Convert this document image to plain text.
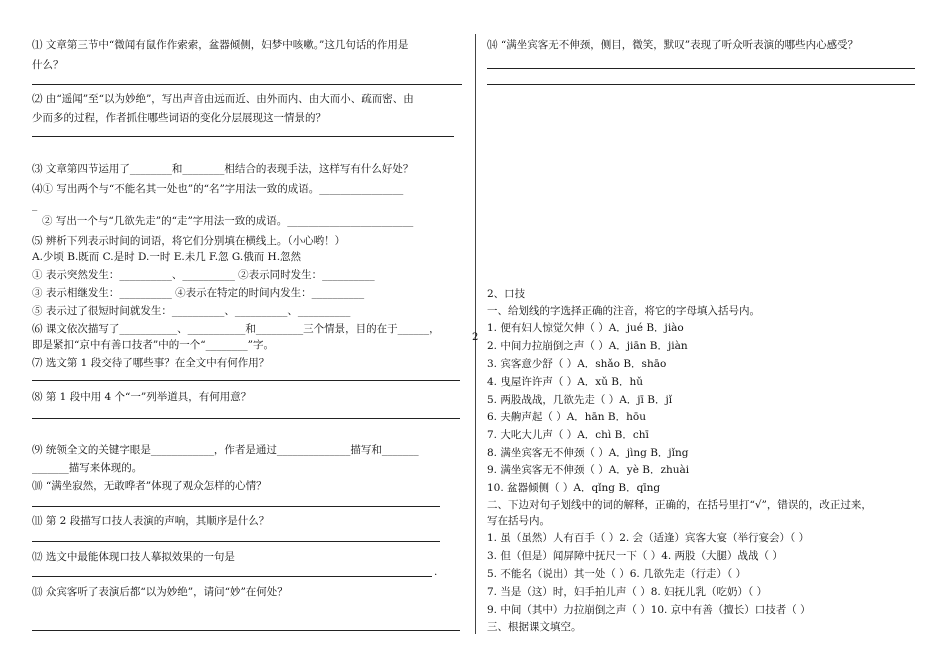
2
⑴ 文章第三节中“微闻有鼠作作索索，盆器倾侧，妇梦中咳嗽。”这几句话的作用是
什么？
⑵ 由“遥闻”至“以为妙绝”，写出声音由远而近、由外而内、由大而小、疏而密、由
少而多的过程，作者抓住哪些词语的变化分层展现这一情景的？
⑶ 文章第四节运用了________和________相结合的表现手法，这样写有什么好处？
⑷① 写出两个与“不能名其一处也”的“名”字用法一致的成语。________________
_
② 写出一个与“几欲先走”的“走”字用法一致的成语。________________________
⑸ 辨析下列表示时间的词语，将它们分别填在横线上。（小心哟！）
A.少顷 B.既而 C.是时 D.一时 E.未几 F.忽 G.俄而 H.忽然
① 表示突然发生：__________、__________ ②表示同时发生：__________
③ 表示相继发生：__________ ④表示在特定的时间内发生：__________
⑤ 表示过了很短时间就发生：__________、__________、__________
⑹ 课文依次描写了___________、___________和_________三个情景，目的在于______，
即是紧扣“京中有善口技者”中的一个“________”字。
⑺ 选文第 1 段交待了哪些事？在全文中有何作用？
⑻ 第 1 段中用 4 个“一”列举道具，有何用意？
⑼ 统领全文的关键字眼是____________，作者是通过______________描写和_______
_______描写来体现的。
⑽ “满坐寂然，无敢哗者”体现了观众怎样的心情？
⑾ 第 2 段描写口技人表演的声响，其顺序是什么？
⑿ 选文中最能体现口技人摹拟效果的一句是
.
⒀ 众宾客听了表演后都“以为妙绝”，请问“妙”在何处？
⒁ “满坐宾客无不伸颈，侧目，微笑，默叹”表现了听众听表演的哪些内心感受？
2、口技
一、给划线的字选择正确的注音，将它的字母填入括号内。
1. 便有妇人惊觉欠伸（ ）A．jué B．jiào
2. 中间力拉崩倒之声（ ）A．jiān B．jiàn
3. 宾客意少舒（ ）A．shǎo B．shāo
4. 曳屋许许声（ ）A．xǔ B．hǔ
5. 两股战战，几欲先走（ ）A．jī B．jǐ
6. 夫齁声起（ ）A．hān B．hōu
7. 大叱大儿声（ ）A．chì B．chī
8. 满坐宾客无不伸颈（ ）A．jìng B．jǐng
9. 满坐宾客无不伸颈（ ）A．yè B．zhuài
10. 盆器倾侧（ ）A．qǐng B．qīng
二、下边对句子划线中的词的解释，正确的，在括号里打“√”，错误的，改正过来，
写在括号内。
1. 虽（虽然）人有百手（ ）2. 会（适逢）宾客大宴（举行宴会）（ ）
3. 但（但是）闻屏障中抚尺一下（ ）4. 两股（大腿）战战（ ）
5. 不能名（说出）其一处（ ）6. 几欲先走（行走）（ ）
7. 当是（这）时，妇手拍儿声（ ）8. 妇抚儿乳（吃奶）（ ）
9. 中间（其中）力拉崩倒之声（ ）10. 京中有善（擅长）口技者（ ）
三、根据课文填空。
